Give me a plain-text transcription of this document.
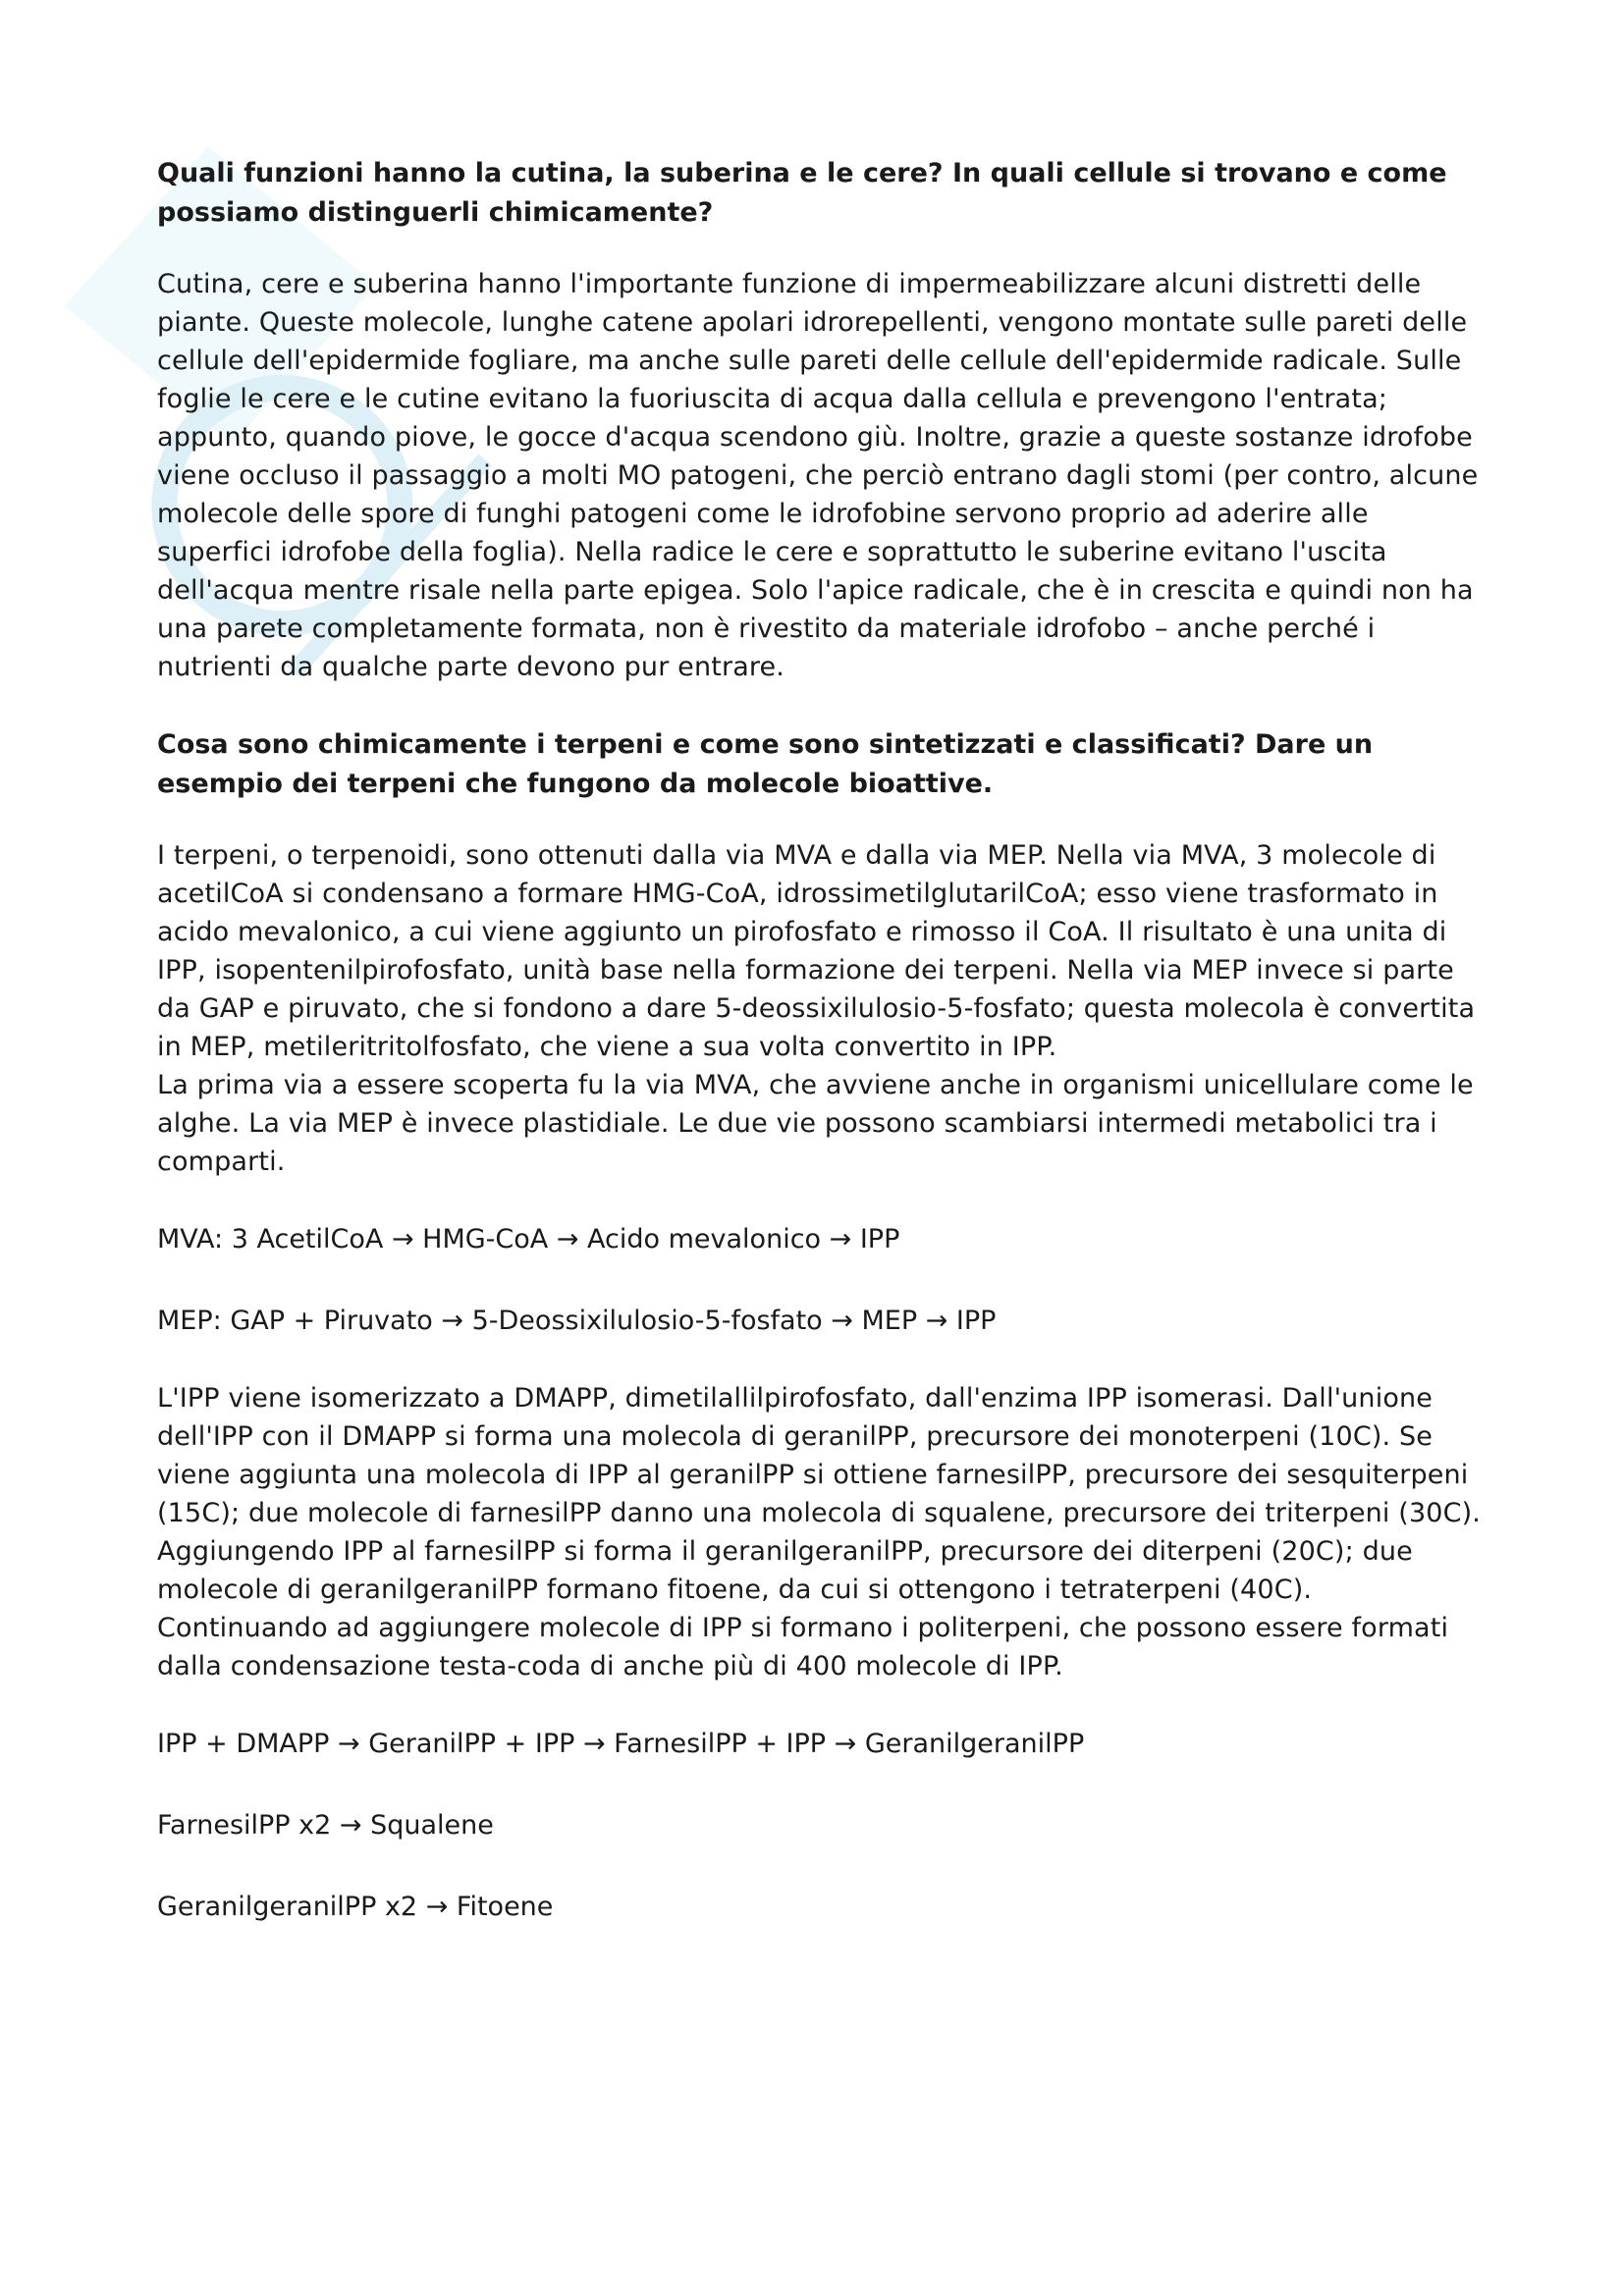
Quali funzioni hanno la cutina, la suberina e le cere? In quali cellule si trovano e come possiamo distinguerli chimicamente?

Cutina, cere e suberina hanno l'importante funzione di impermeabilizzare alcuni distretti delle piante. Queste molecole, lunghe catene apolari idrorepellenti, vengono montate sulle pareti delle cellule dell'epidermide fogliare, ma anche sulle pareti delle cellule dell'epidermide radicale. Sulle foglie le cere e le cutine evitano la fuoriuscita di acqua dalla cellula e prevengono l'entrata; appunto, quando piove, le gocce d'acqua scendono giù. Inoltre, grazie a queste sostanze idrofobe viene occluso il passaggio a molti MO patogeni, che perciò entrano dagli stomi (per contro, alcune molecole delle spore di funghi patogeni come le idrofobine servono proprio ad aderire alle superfici idrofobe della foglia). Nella radice le cere e soprattutto le suberine evitano l'uscita dell'acqua mentre risale nella parte epigea. Solo l'apice radicale, che è in crescita e quindi non ha una parete completamente formata, non è rivestito da materiale idrofobo – anche perché i nutrienti da qualche parte devono pur entrare.

Cosa sono chimicamente i terpeni e come sono sintetizzati e classificati? Dare un esempio dei terpeni che fungono da molecole bioattive.

I terpeni, o terpenoidi, sono ottenuti dalla via MVA e dalla via MEP. Nella via MVA, 3 molecole di acetilCoA si condensano a formare HMG-CoA, idrossimetilglutarilCoA; esso viene trasformato in acido mevalonico, a cui viene aggiunto un pirofosfato e rimosso il CoA. Il risultato è una unita di IPP, isopentenilpirofosfato, unità base nella formazione dei terpeni. Nella via MEP invece si parte da GAP e piruvato, che si fondono a dare 5-deossixilulosio-5-fosfato; questa molecola è convertita in MEP, metileritritolfosfato, che viene a sua volta convertito in IPP.

La prima via a essere scoperta fu la via MVA, che avviene anche in organismi unicellulare come le alghe. La via MEP è invece plastidiale. Le due vie possono scambiarsi intermedi metabolici tra i comparti.

MVA: 3 AcetilCoA → HMG-CoA → Acido mevalonico → IPP

MEP: GAP + Piruvato → 5-Deossixilulosio-5-fosfato → MEP → IPP

L'IPP viene isomerizzato a DMAPP, dimetilallilpirofosfato, dall'enzima IPP isomerasi. Dall'unione dell'IPP con il DMAPP si forma una molecola di geranilPP, precursore dei monoterpeni (10C). Se viene aggiunta una molecola di IPP al geranilPP si ottiene farnesilPP, precursore dei sesquiterpeni (15C); due molecole di farnesilPP danno una molecola di squalene, precursore dei triterpeni (30C). Aggiungendo IPP al farnesilPP si forma il geranilgeranilPP, precursore dei diterpeni (20C); due molecole di geranilgeranilPP formano fitoene, da cui si ottengono i tetraterpeni (40C). Continuando ad aggiungere molecole di IPP si formano i politerpeni, che possono essere formati dalla condensazione testa-coda di anche più di 400 molecole di IPP.

IPP + DMAPP → GeranilPP + IPP → FarnesilPP + IPP → GeranilgeranilPP

FarnesilPP x2 → Squalene

GeranilgeranilPP x2 → Fitoene
